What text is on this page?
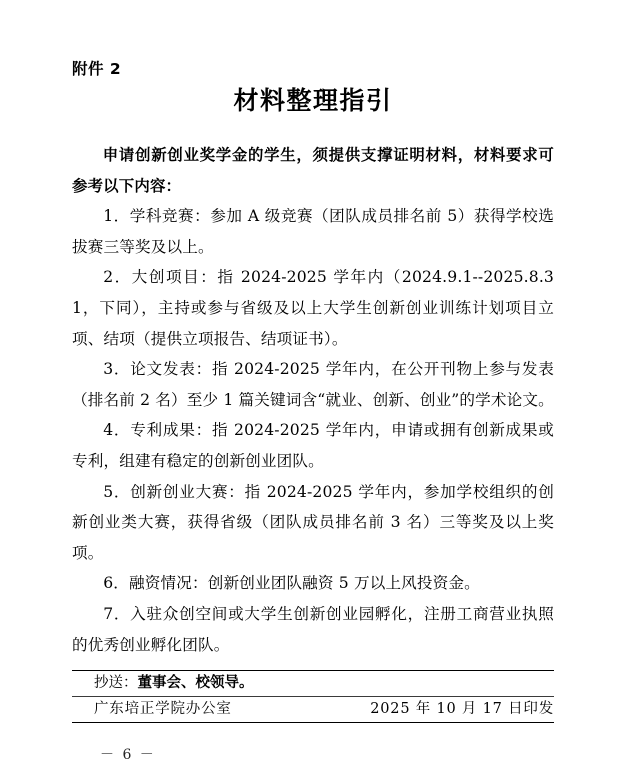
附件 2
材料整理指引

申请创新创业奖学金的学生，须提供支撑证明材料，材料要求可参考以下内容：

1．学科竞赛：参加 A 级竞赛（团队成员排名前 5）获得学校选拔赛三等奖及以上。

2．大创项目：指 2024-2025 学年内（2024.9.1--2025.8.31，下同），主持或参与省级及以上大学生创新创业训练计划项目立项、结项（提供立项报告、结项证书）。

3．论文发表：指 2024-2025 学年内，在公开刊物上参与发表（排名前 2 名）至少 1 篇关键词含“就业、创新、创业”的学术论文。

4．专利成果：指 2024-2025 学年内，申请或拥有创新成果或专利，组建有稳定的创新创业团队。

5．创新创业大赛：指 2024-2025 学年内，参加学校组织的创新创业类大赛，获得省级（团队成员排名前 3 名）三等奖及以上奖项。

6．融资情况：创新创业团队融资 5 万以上风投资金。

7．入驻众创空间或大学生创新创业园孵化，注册工商营业执照的优秀创业孵化团队。

抄送： 董事会、校领导。
广东培正学院办公室	2025 年 10 月 17 日印发
－ 6 －
